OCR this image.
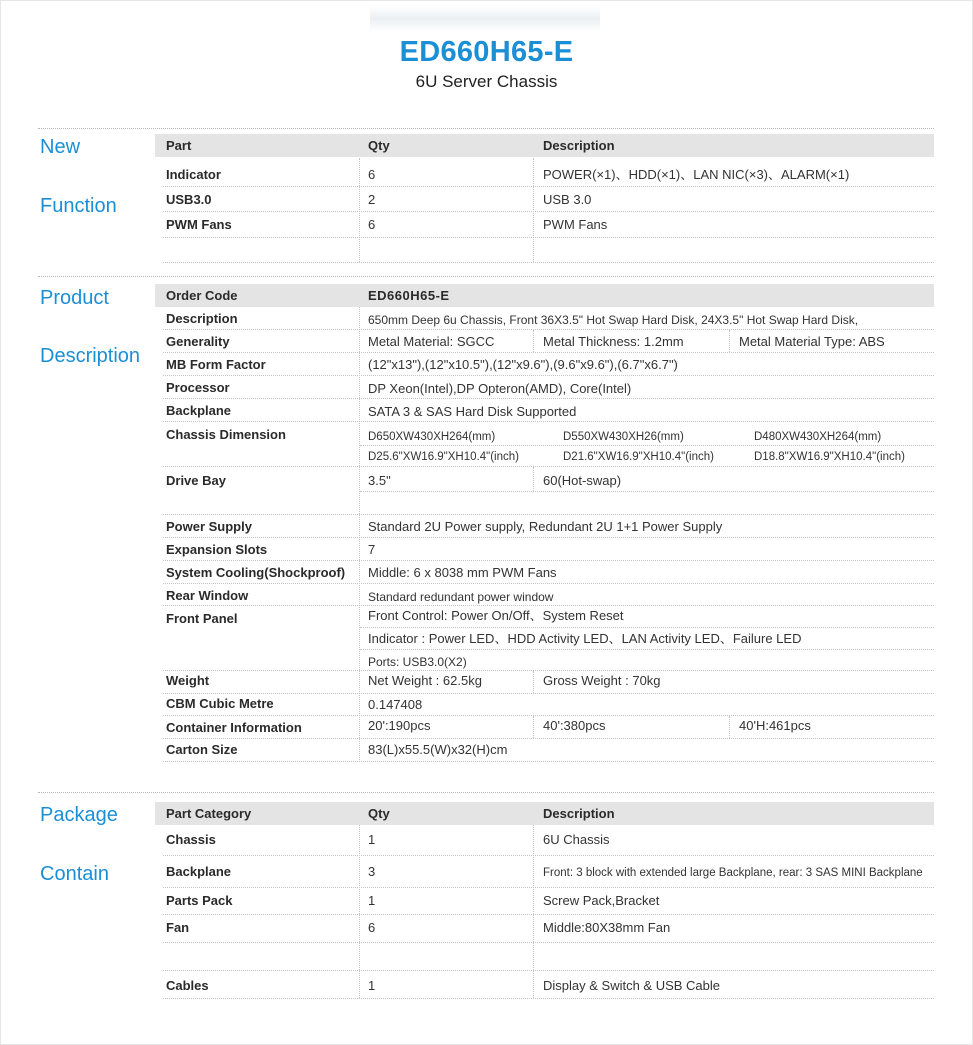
ED660H65-E
6U Server Chassis
New
Function
Part	Qty	Description
Indicator	6	POWER(×1)、HDD(×1)、LAN NIC(×3)、ALARM(×1)
USB3.0	2	USB 3.0
PWM Fans	6	PWM Fans
Product
Description
Order Code	ED660H65-E
Description	650mm Deep 6u Chassis, Front 36X3.5" Hot Swap Hard Disk, 24X3.5" Hot Swap Hard Disk,
Generality	Metal Material: SGCC	Metal Thickness: 1.2mm	Metal Material Type: ABS
MB Form Factor	(12"x13"),(12"x10.5"),(12"x9.6"),(9.6"x9.6"),(6.7"x6.7")
Processor	DP Xeon(Intel),DP Opteron(AMD), Core(Intel)
Backplane	SATA 3 & SAS Hard Disk Supported
Chassis Dimension	D650XW430XH264(mm)	D550XW430XH26(mm)	D480XW430XH264(mm)
D25.6"XW16.9"XH10.4"(inch)	D21.6"XW16.9"XH10.4"(inch)	D18.8"XW16.9"XH10.4"(inch)
Drive Bay	3.5"	60(Hot-swap)
Power Supply	Standard 2U Power supply, Redundant 2U 1+1 Power Supply
Expansion Slots	7
System Cooling(Shockproof) Middle: 6 x 8038 mm PWM Fans
Rear Window	Standard redundant power window
Front Panel	Front Control: Power On/Off、System Reset
Indicator : Power LED、HDD Activity LED、LAN Activity LED、Failure LED
Ports: USB3.0(X2)
Weight	Net Weight : 62.5kg	Gross Weight : 70kg
CBM Cubic Metre	0.147408
Container Information	20':190pcs	40':380pcs	40'H:461pcs
Carton Size	83(L)x55.5(W)x32(H)cm
Package
Contain
Part Category	Qty	Description
Chassis	1	6U Chassis
Backplane	3	Front: 3 block with extended large Backplane, rear: 3 SAS MINI Backplane
Parts Pack	1	Screw Pack,Bracket
Fan	6	Middle:80X38mm Fan
Cables	1	Display & Switch & USB Cable
